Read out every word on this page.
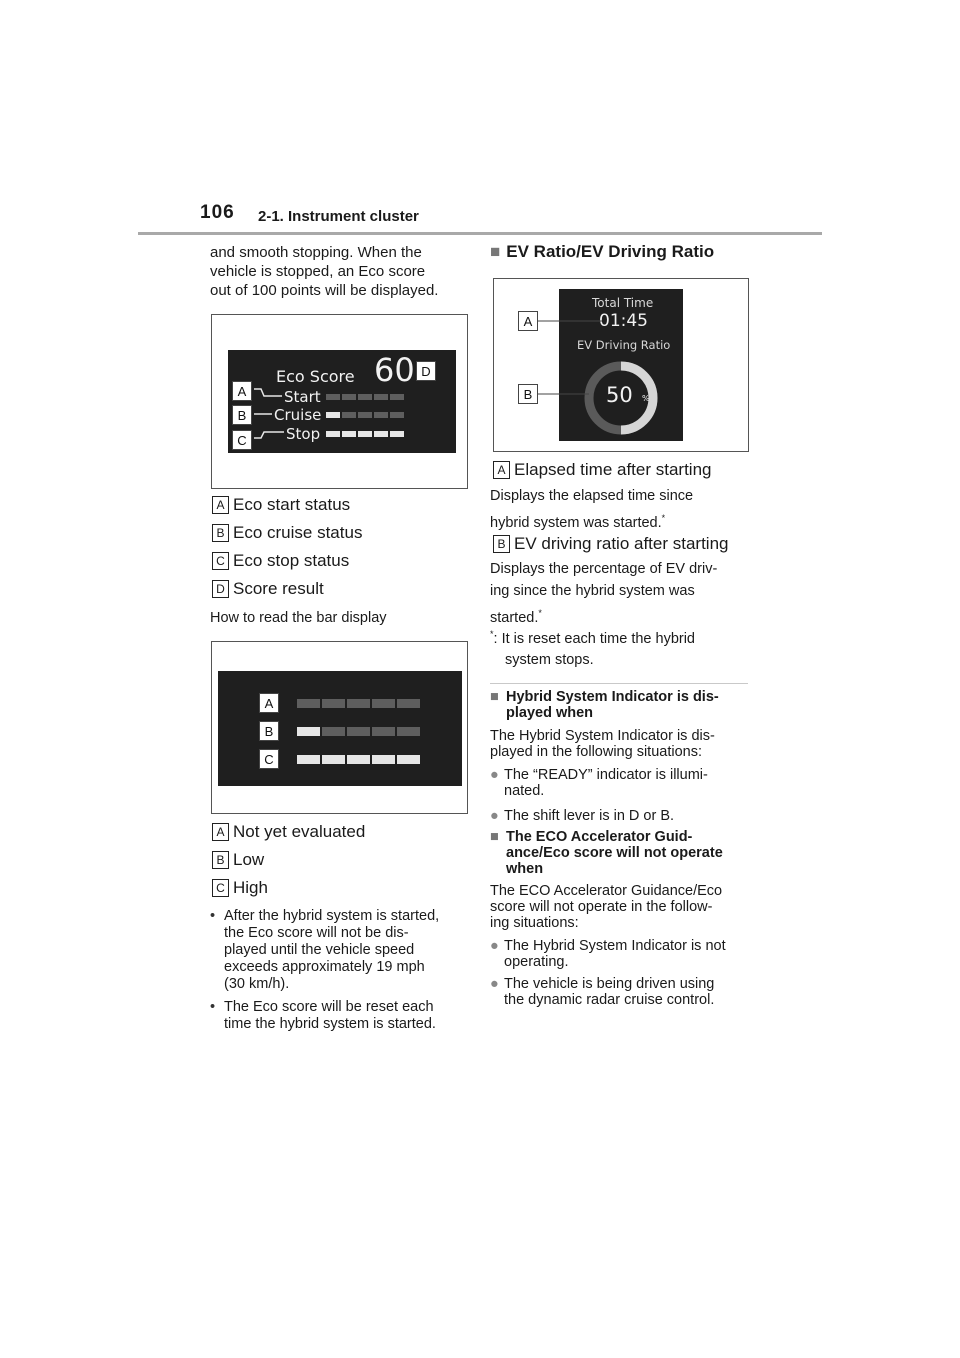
106 2-1. Instrument cluster
and smooth stopping. When the
vehicle is stopped, an Eco score
out of 100 points will be displayed.
Eco Score 60
Start
Cruise
Stop
A
B
C
D
A Eco start status
B Eco cruise status
C Eco stop status
D Score result
How to read the bar display
A
B
C
A Not yet evaluated
B Low
C High
• After the hybrid system is started,
the Eco score will not be dis-
played until the vehicle speed
exceeds approximately 19 mph
(30 km/h).
• The Eco score will be reset each
time the hybrid system is started.
■ EV Ratio/EV Driving Ratio
Total Time
01:45
EV Driving Ratio
50 %
A
B
A Elapsed time after starting
Displays the elapsed time since
hybrid system was started.*
B EV driving ratio after starting
Displays the percentage of EV driv-
ing since the hybrid system was
started.*
*: It is reset each time the hybrid
system stops.
■ Hybrid System Indicator is dis-
played when
The Hybrid System Indicator is dis-
played in the following situations:
● The “READY” indicator is illumi-
nated.
● The shift lever is in D or B.
■ The ECO Accelerator Guid-
ance/Eco score will not operate
when
The ECO Accelerator Guidance/Eco
score will not operate in the follow-
ing situations:
● The Hybrid System Indicator is not
operating.
● The vehicle is being driven using
the dynamic radar cruise control.
